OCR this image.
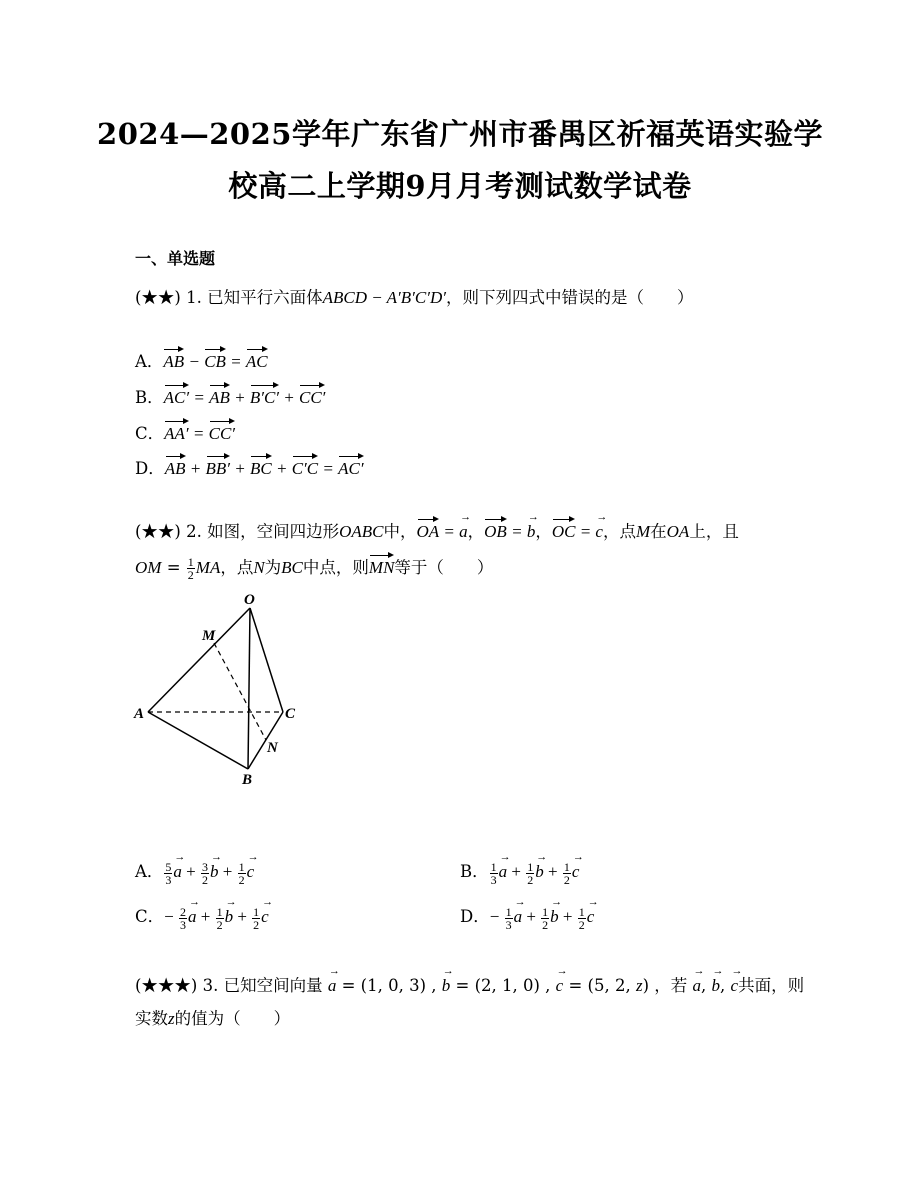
2024—2025学年广东省广州市番禺区祈福英语实验学
校高二上学期9月月考测试数学试卷
一、单选题
(★★) 1. 已知平行六面体ABCD − A′B′C′D′，则下列四式中错误的是（　　）
A．AB − CB = AC
B．AC′ = AB + B′C′ + CC′
C．AA′ = CC′
D．AB + BB′ + BC + C′C = AC′
(★★) 2. 如图，空间四边形OABC中，OA = a →，OB = b →，OC = c →，点M在OA上，且
OM = $\frac{1}{2}$ MA，点N为BC中点，则MN等于（　　）
O
M
A	C
N
B
A． $\frac{5}{3}$ a → + $\frac{3}{2}$ b → + $\frac{1}{2}$ c →	B． $\frac{1}{3}$ a → + $\frac{1}{2}$ b → + $\frac{1}{2}$ c →
C．− $\frac{2}{3}$ a → + $\frac{1}{2}$ b → + $\frac{1}{2}$ c →	D．− $\frac{1}{3}$ a → + $\frac{1}{2}$ b → + $\frac{1}{2}$ c →
(★★★) 3. 已知空间向量 a → = (1, 0, 3) , b → = (2, 1, 0) , c → = (5, 2, z) ，若 a →, b →, c →共面，则
实数z的值为（　　）
